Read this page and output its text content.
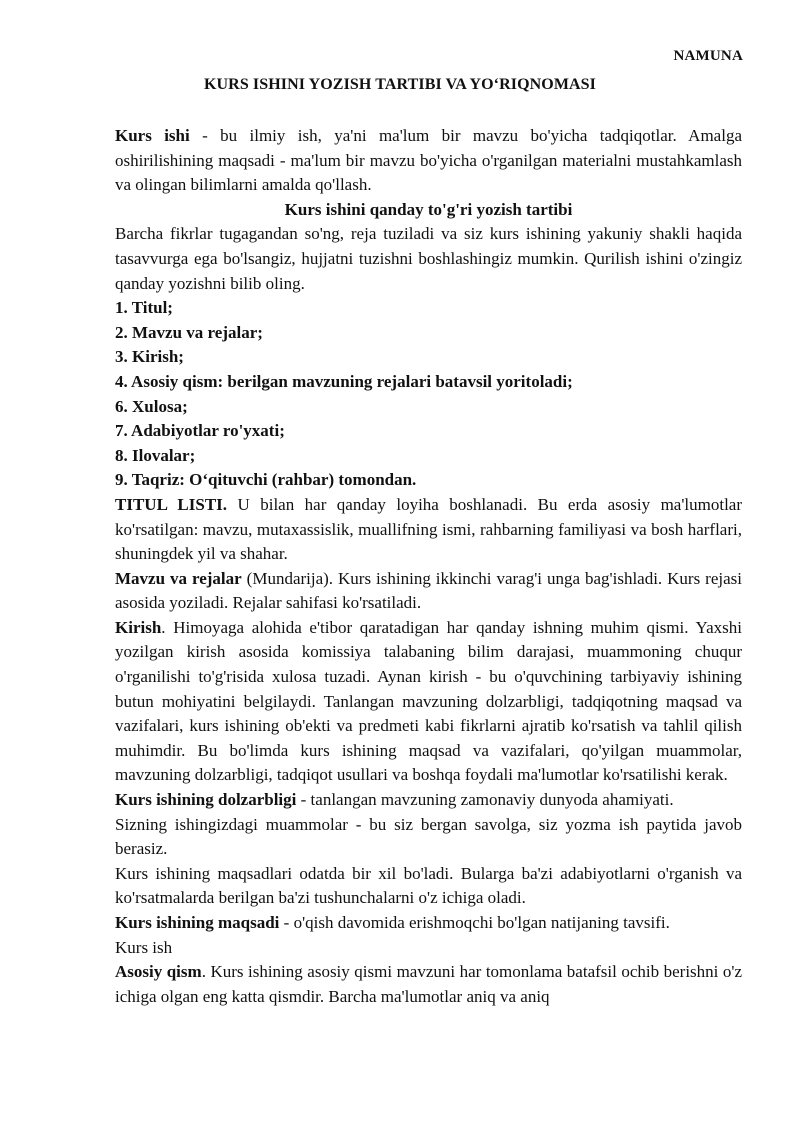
NAMUNA
KURS ISHINI YOZISH TARTIBI VA YO‘RIQNOMASI

Kurs ishi - bu ilmiy ish, ya'ni ma'lum bir mavzu bo'yicha tadqiqotlar. Amalga oshirilishining maqsadi - ma'lum bir mavzu bo'yicha o'rganilgan materialni mustahkamlash va olingan bilimlarni amalda qo'llash.

Kurs ishini qanday to'g'ri yozish tartibi

Barcha fikrlar tugagandan so'ng, reja tuziladi va siz kurs ishining yakuniy shakli haqida tasavvurga ega bo'lsangiz, hujjatni tuzishni boshlashingiz mumkin. Qurilish ishini o'zingiz qanday yozishni bilib oling.

1. Titul;

2. Mavzu va rejalar;

3. Kirish;

4. Asosiy qism: berilgan mavzuning rejalari batavsil yoritoladi;

6. Xulosa;

7. Adabiyotlar ro'yxati;

8. Ilovalar;

9. Taqriz: O‘qituvchi (rahbar) tomondan.

TITUL LISTI. U bilan har qanday loyiha boshlanadi. Bu erda asosiy ma'lumotlar ko'rsatilgan: mavzu, mutaxassislik, muallifning ismi, rahbarning familiyasi va bosh harflari, shuningdek yil va shahar.

Mavzu va rejalar (Mundarija). Kurs ishining ikkinchi varag'i unga bag'ishladi. Kurs rejasi asosida yoziladi. Rejalar sahifasi ko'rsatiladi.

Kirish. Himoyaga alohida e'tibor qaratadigan har qanday ishning muhim qismi. Yaxshi yozilgan kirish asosida komissiya talabaning bilim darajasi, muammoning chuqur o'rganilishi to'g'risida xulosa tuzadi. Aynan kirish - bu o'quvchining tarbiyaviy ishining butun mohiyatini belgilaydi. Tanlangan mavzuning dolzarbligi, tadqiqotning maqsad va vazifalari, kurs ishining ob'ekti va predmeti kabi fikrlarni ajratib ko'rsatish va tahlil qilish muhimdir. Bu bo'limda kurs ishining maqsad va vazifalari, qo'yilgan muammolar, mavzuning dolzarbligi, tadqiqot usullari va boshqa foydali ma'lumotlar ko'rsatilishi kerak.

Kurs ishining dolzarbligi - tanlangan mavzuning zamonaviy dunyoda ahamiyati.

Sizning ishingizdagi muammolar - bu siz bergan savolga, siz yozma ish paytida javob berasiz.

Kurs ishining maqsadlari odatda bir xil bo'ladi. Bularga ba'zi adabiyotlarni o'rganish va ko'rsatmalarda berilgan ba'zi tushunchalarni o'z ichiga oladi.

Kurs ishining maqsadi - o'qish davomida erishmoqchi bo'lgan natijaning tavsifi.

Kurs ish

Asosiy qism. Kurs ishining asosiy qismi mavzuni har tomonlama batafsil ochib berishni o'z ichiga olgan eng katta qismdir. Barcha ma'lumotlar aniq va aniq
